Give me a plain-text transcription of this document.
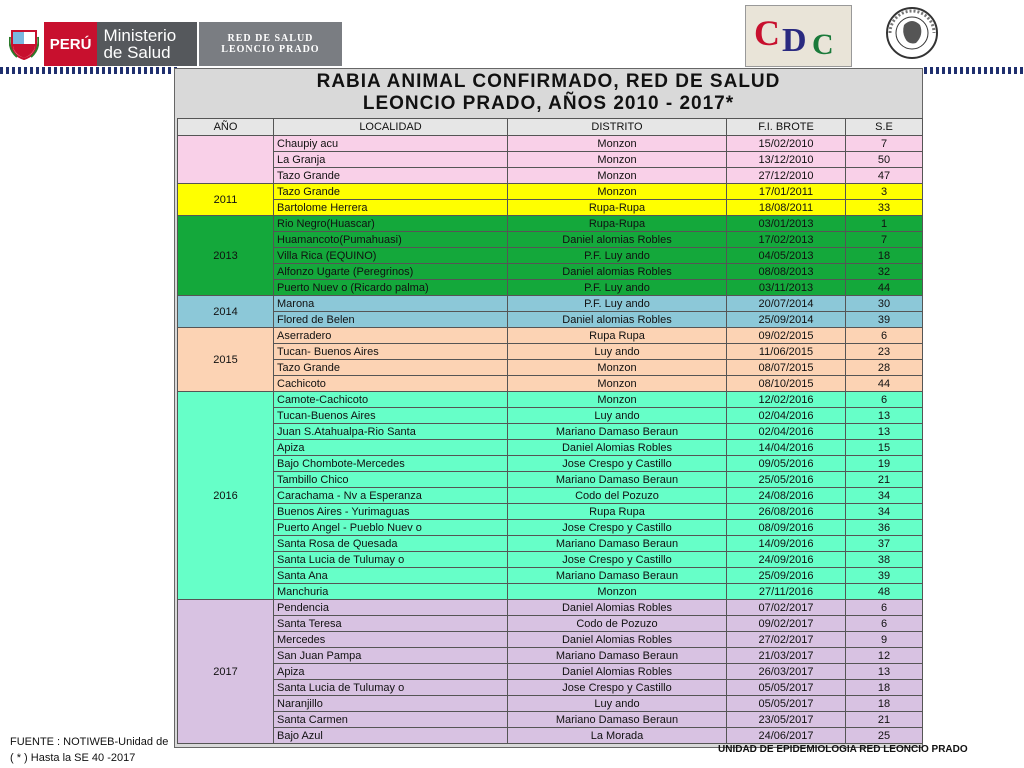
PERÚ Ministerio
de Salud
RED DE SALUD
LEONCIO PRADO	C D C
RABIA ANIMAL CONFIRMADO, RED DE SALUD
LEONCIO PRADO, AÑOS 2010 - 2017*
AÑO	LOCALIDAD	DISTRITO	F.I. BROTE	S.E
	Chaupiy acu	Monzon	15/02/2010	7
	La Granja	Monzon	13/12/2010	50
	Tazo Grande	Monzon	27/12/2010	47
2011	Tazo Grande	Monzon	17/01/2011	3
	Bartolome Herrera	Rupa-Rupa	18/08/2011	33
2013	Rio Negro(Huascar)	Rupa-Rupa	03/01/2013	1
	Huamancoto(Pumahuasi)	Daniel alomias Robles	17/02/2013	7
	Villa Rica (EQUINO)	P.F. Luy ando	04/05/2013	18
	Alfonzo Ugarte (Peregrinos)	Daniel alomias Robles	08/08/2013	32
	Puerto Nuev o (Ricardo palma)	P.F. Luy ando	03/11/2013	44
2014	Marona	P.F. Luy ando	20/07/2014	30
	Flored de Belen	Daniel alomias Robles	25/09/2014	39
2015	Aserradero	Rupa Rupa	09/02/2015	6
	Tucan- Buenos Aires	Luy ando	11/06/2015	23
	Tazo Grande	Monzon	08/07/2015	28
	Cachicoto	Monzon	08/10/2015	44
2016	Camote-Cachicoto	Monzon	12/02/2016	6
	Tucan-Buenos Aires	Luy ando	02/04/2016	13
	Juan S.Atahualpa-Rio Santa	Mariano Damaso Beraun	02/04/2016	13
	Apiza	Daniel Alomias Robles	14/04/2016	15
	Bajo Chombote-Mercedes	Jose Crespo y Castillo	09/05/2016	19
	Tambillo Chico	Mariano Damaso Beraun	25/05/2016	21
	Carachama - Nv a Esperanza	Codo del Pozuzo	24/08/2016	34
	Buenos Aires - Yurimaguas	Rupa Rupa	26/08/2016	34
	Puerto Angel - Pueblo Nuev o	Jose Crespo y Castillo	08/09/2016	36
	Santa Rosa de Quesada	Mariano Damaso Beraun	14/09/2016	37
	Santa Lucia de Tulumay o	Jose Crespo y Castillo	24/09/2016	38
	Santa Ana	Mariano Damaso Beraun	25/09/2016	39
	Manchuria	Monzon	27/11/2016	48
2017	Pendencia	Daniel Alomias Robles	07/02/2017	6
	Santa Teresa	Codo de Pozuzo	09/02/2017	6
	Mercedes	Daniel Alomias Robles	27/02/2017	9
	San Juan Pampa	Mariano Damaso Beraun	21/03/2017	12
	Apiza	Daniel Alomias Robles	26/03/2017	13
	Santa Lucia de Tulumay o	Jose Crespo y Castillo	05/05/2017	18
	Naranjillo	Luy ando	05/05/2017	18
	Santa Carmen	Mariano Damaso Beraun	23/05/2017	21
	Bajo Azul	La Morada	24/06/2017	25
FUENTE : NOTIWEB-Unidad de
( * ) Hasta la SE 40 -2017
UNIDAD DE EPIDEMIOLOGIA RED LEONCIO PRADO
